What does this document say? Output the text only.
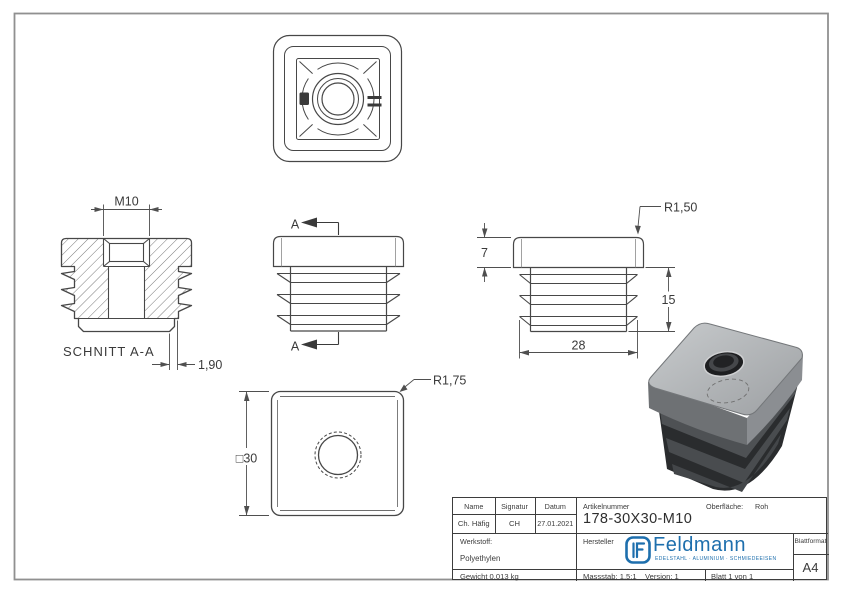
8
M10
1,90
SCHNITT A-A
A
A
7
15
28
R1,50
□30
R1,75
Name	Signatur	Datum
Ch. Häfig	CH	27.01.2021
Artikelnummer	Oberfläche: Roh
178-30X30-M10
Werkstoff:
Polyethylen
Hersteller Feldmann
EDELSTAHL · ALUMINIUM · SCHMIEDEEISEN
Blattformat
A4
Gewicht 0.013 kg	Massstab: 1.5:1 Version: 1	Blatt 1 von 1
